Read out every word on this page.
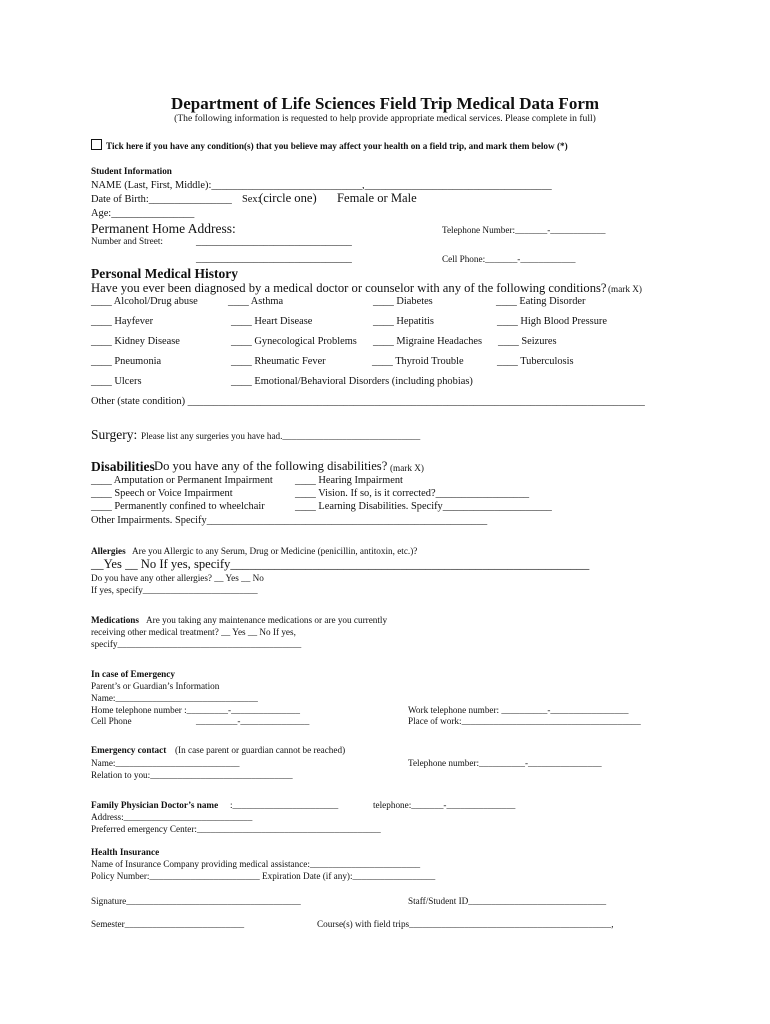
Department of Life Sciences Field Trip Medical Data Form
(The following information is requested to help provide appropriate medical services. Please complete in full)
Tick here if you have any condition(s) that you believe may affect your health on a field trip, and mark them below (*)
Student Information
NAME (Last, First, Middle):_____________________________,____________________________________
Date of Birth:________________ Sex:
(circle one) Female or Male
Age:________________
Permanent Home Address:
Number and Street:	______________________________
______________________________
Telephone Number:_______-____________
Cell Phone:_______-____________
Personal Medical History
Have you ever been diagnosed by a medical doctor or counselor with any of the following conditions? (mark X)
____ Alcohol/Drug abuse	____ Asthma	____ Diabetes	____ Eating Disorder
____ Hayfever	____ Heart Disease	____ Hepatitis	____ High Blood Pressure
____ Kidney Disease	____ Gynecological Problems ____ Migraine Headaches ____ Seizures
____ Pneumonia	____ Rheumatic Fever	____ Thyroid Trouble	____ Tuberculosis
____ Ulcers	____ Emotional/Behavioral Disorders (including phobias)
Other (state condition) ________________________________________________________________________________________
Surgery: Please list any surgeries you have had.______________________________
Disabilities Do you have any of the following disabilities? (mark X)
____ Amputation or Permanent Impairment ____ Hearing Impairment
____ Speech or Voice Impairment	____ Vision. If so, is it corrected?__________________
____ Permanently confined to wheelchair	____ Learning Disabilities. Specify_____________________
Other Impairments. Specify______________________________________________________
Allergies Are you Allergic to any Serum, Drug or Medicine (penicillin, antitoxin, etc.)?
__Yes __ No If yes, specify_________________________________________________________
Do you have any other allergies? __ Yes __ No
If yes, specify_________________________
Medications Are you taking any maintenance medications or are you currently
receiving other medical treatment? __ Yes __ No If yes,
specify________________________________________
In case of Emergency
Parent’s or Guardian’s Information
Name:_______________________________
Home telephone number :_________-_______________
Cell Phone	_________-_______________
Work telephone number: __________-_________________
Place of work:_______________________________________
Emergency contact (In case parent or guardian cannot be reached)
Name:___________________________	Telephone number:__________-________________
Relation to you:_______________________________
Family Physician Doctor’s name :_______________________	telephone:_______-_______________
Address:____________________________
Preferred emergency Center:________________________________________
Health Insurance
Name of Insurance Company providing medical assistance:________________________
Policy Number:________________________ Expiration Date (if any):__________________
Signature______________________________________	Staff/Student ID______________________________
Semester__________________________	Course(s) with field trips____________________________________________,
